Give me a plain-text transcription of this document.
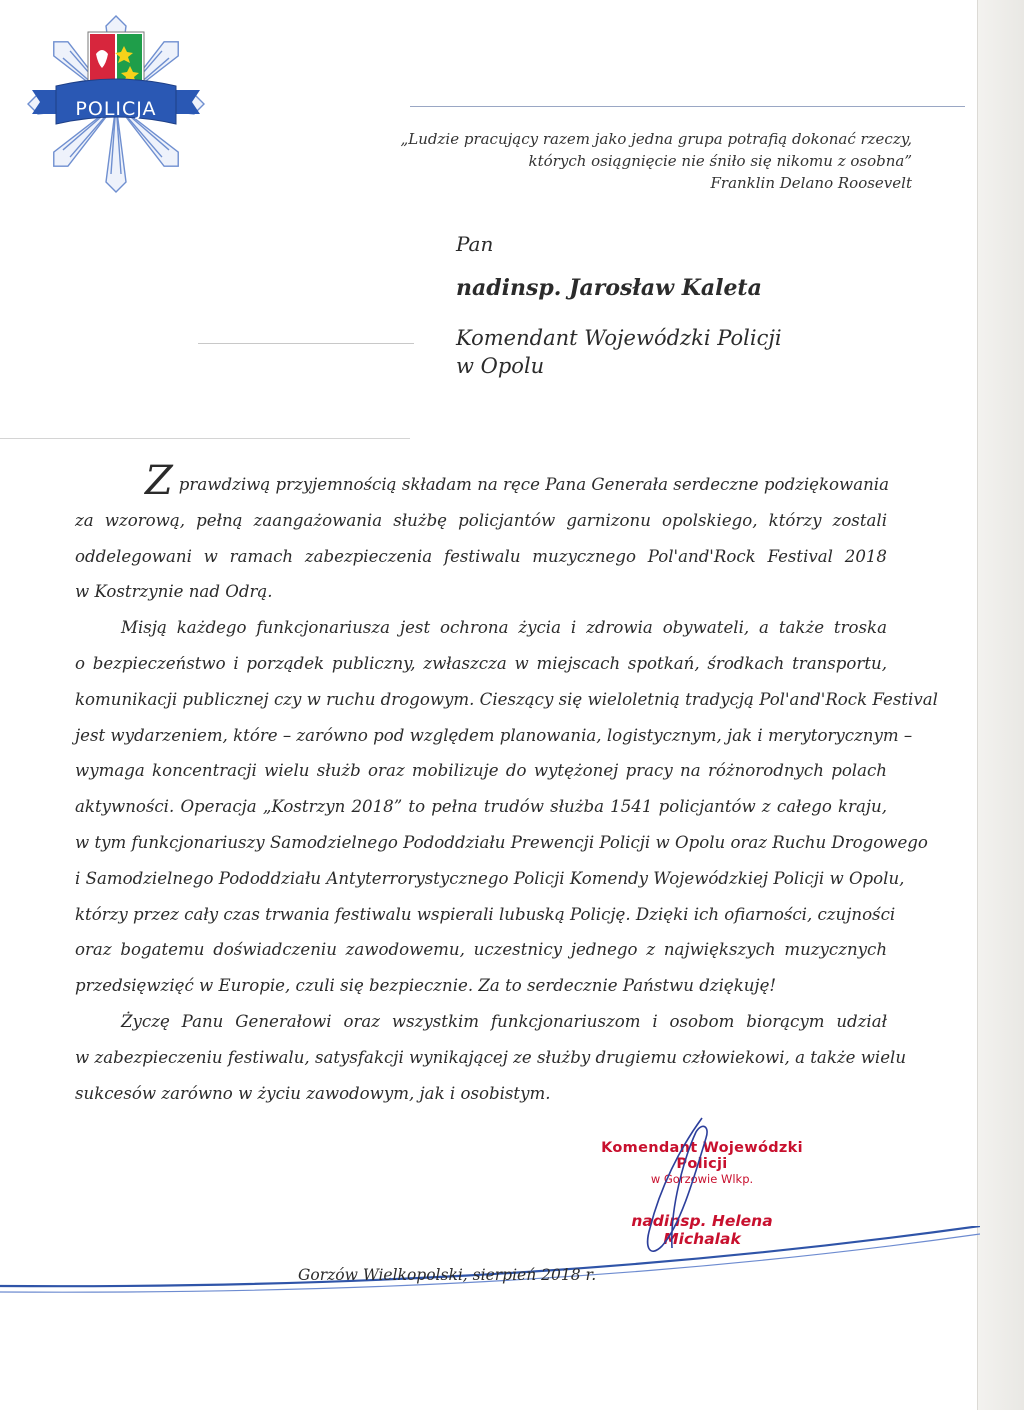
POLICJA
„Ludzie pracujący razem jako jedna grupa potrafią dokonać rzeczy,
których osiągnięcie nie śniło się nikomu z osobna”
Franklin Delano Roosevelt
Pan
nadinsp. Jarosław Kaleta
Komendant Wojewódzki Policji
w Opolu

Zprawdziwą przyjemnością składam na ręce Pana Generała serdeczne podziękowania
za wzorową, pełną zaangażowania służbę policjantów garnizonu opolskiego, którzy zostali
oddelegowani w ramach zabezpieczenia festiwalu muzycznego Pol'and'Rock Festival 2018
w Kostrzynie nad Odrą.

Misją każdego funkcjonariusza jest ochrona życia i zdrowia obywateli, a także troska
o bezpieczeństwo i porządek publiczny, zwłaszcza w miejscach spotkań, środkach transportu,
komunikacji publicznej czy w ruchu drogowym. Cieszący się wieloletnią tradycją Pol'and'Rock Festival
jest wydarzeniem, które – zarówno pod względem planowania, logistycznym, jak i merytorycznym –
wymaga koncentracji wielu służb oraz mobilizuje do wytężonej pracy na różnorodnych polach
aktywności. Operacja „Kostrzyn 2018” to pełna trudów służba 1541 policjantów z całego kraju,
w tym funkcjonariuszy Samodzielnego Pododdziału Prewencji Policji w Opolu oraz Ruchu Drogowego
i Samodzielnego Pododdziału Antyterrorystycznego Policji Komendy Wojewódzkiej Policji w Opolu,
którzy przez cały czas trwania festiwalu wspierali lubuską Policję. Dzięki ich ofiarności, czujności
oraz bogatemu doświadczeniu zawodowemu, uczestnicy jednego z największych muzycznych
przedsięwzięć w Europie, czuli się bezpiecznie. Za to serdecznie Państwu dziękuję!

Życzę Panu Generałowi oraz wszystkim funkcjonariuszom i osobom biorącym udział
w zabezpieczeniu festiwalu, satysfakcji wynikającej ze służby drugiemu człowiekowi, a także wielu
sukcesów zarówno w życiu zawodowym, jak i osobistym.

Komendant Wojewódzki Policji
w Gorzowie Wlkp.
nadinsp. Helena Michalak
Gorzów Wielkopolski, sierpień 2018 r.
